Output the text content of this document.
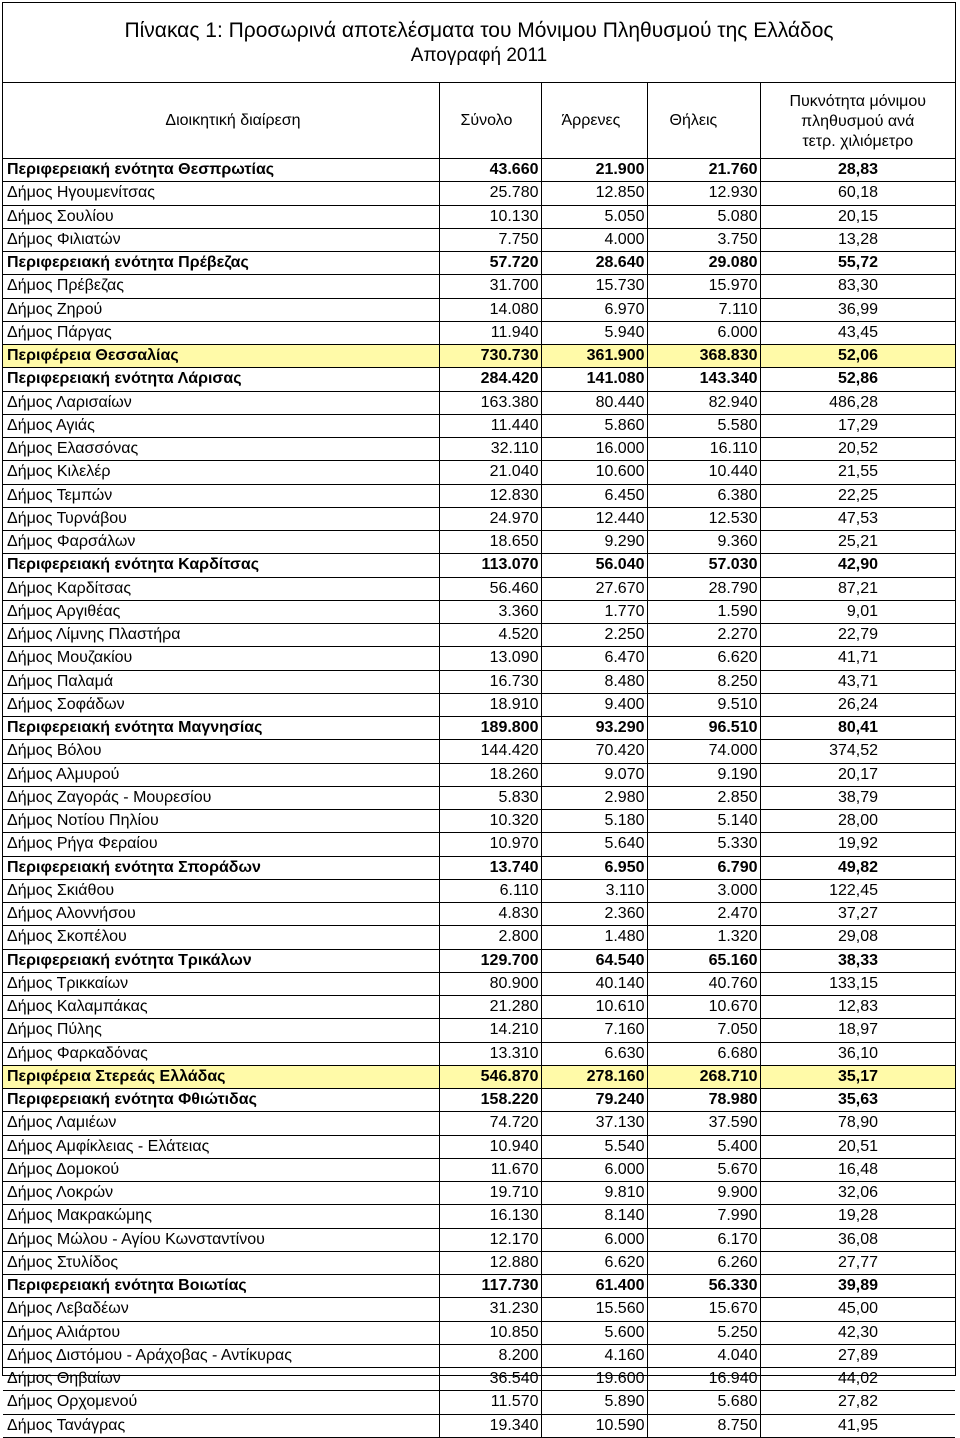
Πίνακας 1: Προσωρινά αποτελέσματα του Μόνιμου Πληθυσμού της Ελλάδος
Απογραφή 2011
Διοικητική διαίρεση	Σύνολο	Άρρενες	Θήλεις	Πυκνότητα μόνιμου
πληθυσμού ανά
τετρ. χιλιόμετρο

Περιφερειακή ενότητα Θεσπρωτίας	43.660	21.900	21.760	28,83
Δήμος Ηγουμενίτσας	25.780	12.850	12.930	60,18
Δήμος Σουλίου	10.130	5.050	5.080	20,15
Δήμος Φιλιατών	7.750	4.000	3.750	13,28
Περιφερειακή ενότητα Πρέβεζας	57.720	28.640	29.080	55,72
Δήμος Πρέβεζας	31.700	15.730	15.970	83,30
Δήμος Ζηρού	14.080	6.970	7.110	36,99
Δήμος Πάργας	11.940	5.940	6.000	43,45
Περιφέρεια Θεσσαλίας	730.730	361.900	368.830	52,06
Περιφερειακή ενότητα Λάρισας	284.420	141.080	143.340	52,86
Δήμος Λαρισαίων	163.380	80.440	82.940	486,28
Δήμος Αγιάς	11.440	5.860	5.580	17,29
Δήμος Ελασσόνας	32.110	16.000	16.110	20,52
Δήμος Κιλελέρ	21.040	10.600	10.440	21,55
Δήμος Τεμπών	12.830	6.450	6.380	22,25
Δήμος Τυρνάβου	24.970	12.440	12.530	47,53
Δήμος Φαρσάλων	18.650	9.290	9.360	25,21
Περιφερειακή ενότητα Καρδίτσας	113.070	56.040	57.030	42,90
Δήμος Καρδίτσας	56.460	27.670	28.790	87,21
Δήμος Αργιθέας	3.360	1.770	1.590	9,01
Δήμος Λίμνης Πλαστήρα	4.520	2.250	2.270	22,79
Δήμος Μουζακίου	13.090	6.470	6.620	41,71
Δήμος Παλαμά	16.730	8.480	8.250	43,71
Δήμος Σοφάδων	18.910	9.400	9.510	26,24
Περιφερειακή ενότητα Μαγνησίας	189.800	93.290	96.510	80,41
Δήμος Βόλου	144.420	70.420	74.000	374,52
Δήμος Αλμυρού	18.260	9.070	9.190	20,17
Δήμος Ζαγοράς - Μουρεσίου	5.830	2.980	2.850	38,79
Δήμος Νοτίου Πηλίου	10.320	5.180	5.140	28,00
Δήμος Ρήγα Φεραίου	10.970	5.640	5.330	19,92
Περιφερειακή ενότητα Σποράδων	13.740	6.950	6.790	49,82
Δήμος Σκιάθου	6.110	3.110	3.000	122,45
Δήμος Αλοννήσου	4.830	2.360	2.470	37,27
Δήμος Σκοπέλου	2.800	1.480	1.320	29,08
Περιφερειακή ενότητα Τρικάλων	129.700	64.540	65.160	38,33
Δήμος Τρικκαίων	80.900	40.140	40.760	133,15
Δήμος Καλαμπάκας	21.280	10.610	10.670	12,83
Δήμος Πύλης	14.210	7.160	7.050	18,97
Δήμος Φαρκαδόνας	13.310	6.630	6.680	36,10
Περιφέρεια Στερεάς Ελλάδας	546.870	278.160	268.710	35,17
Περιφερειακή ενότητα Φθιώτιδας	158.220	79.240	78.980	35,63
Δήμος Λαμιέων	74.720	37.130	37.590	78,90
Δήμος Αμφίκλειας - Ελάτειας	10.940	5.540	5.400	20,51
Δήμος Δομοκού	11.670	6.000	5.670	16,48
Δήμος Λοκρών	19.710	9.810	9.900	32,06
Δήμος Μακρακώμης	16.130	8.140	7.990	19,28
Δήμος Μώλου - Αγίου Κωνσταντίνου	12.170	6.000	6.170	36,08
Δήμος Στυλίδος	12.880	6.620	6.260	27,77
Περιφερειακή ενότητα Βοιωτίας	117.730	61.400	56.330	39,89
Δήμος Λεβαδέων	31.230	15.560	15.670	45,00
Δήμος Αλιάρτου	10.850	5.600	5.250	42,30
Δήμος Διστόμου - Αράχοβας - Αντίκυρας	8.200	4.160	4.040	27,89
Δήμος Θηβαίων	36.540	19.600	16.940	44,02
Δήμος Ορχομενού	11.570	5.890	5.680	27,82
Δήμος Τανάγρας	19.340	10.590	8.750	41,95
